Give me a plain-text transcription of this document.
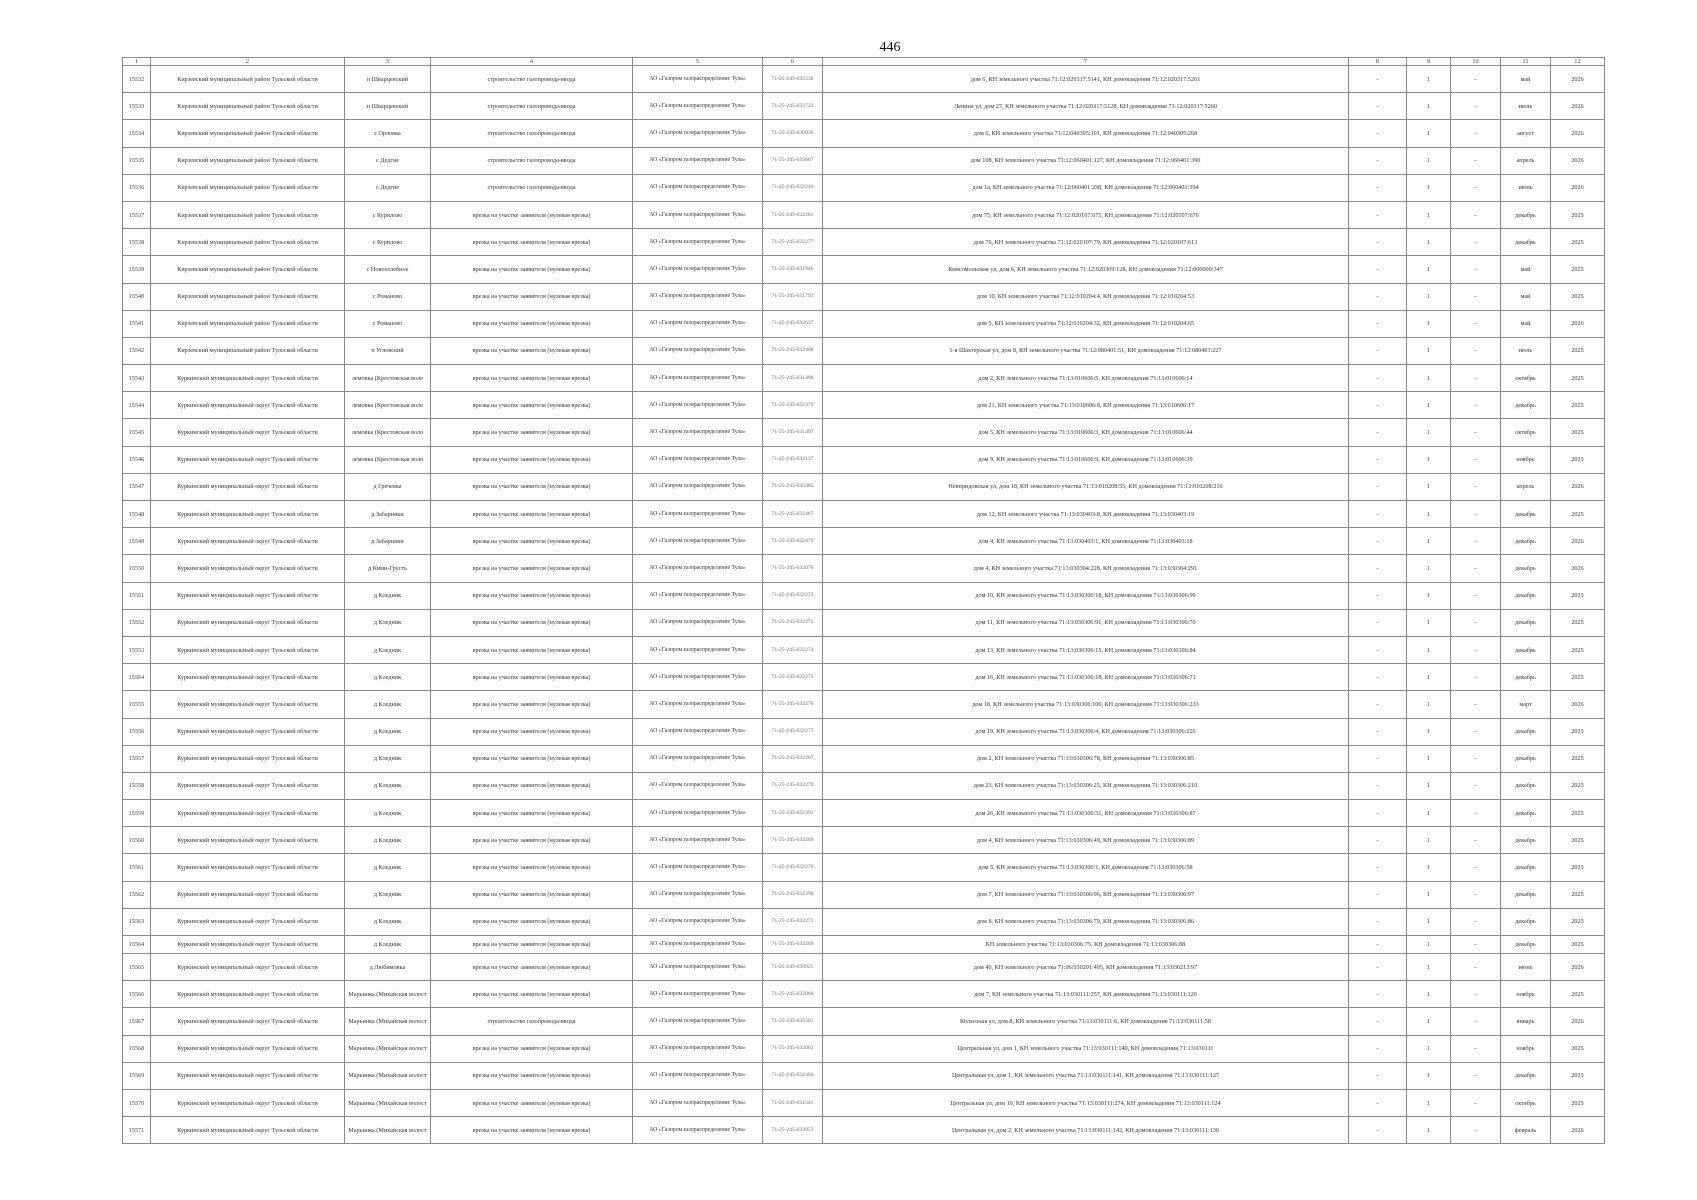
446
1	2	3	4	5	6	7	8	9	10	11	12
15532	Кирзевский муниципальный район Тульской области	п Шварцевский	строительство газопровода-ввода	АО «Газпром газораспределение Тула»	71-25-245-035536	дом 6, КН земельного участка 71:12:020317:5141, КН домовладения 71:12:020317:5261	-	1	-	май	2026
15533	Кирзевский муниципальный район Тульской области	п Шварцевский	строительство газопровода-ввода	АО «Газпром газораспределение Тула»	71-25-245-032733	Ленина ул, дом 27, КН земельного участка 71:12:020317:5128, КН домовладения 71:12:020317:5260	-	1	-	июль	2026
15534	Кирзевский муниципальный район Тульской области	с Орловка	строительство газопровода-ввода	АО «Газпром газораспределение Тула»	71-25-245-036036	дом 6, КН земельного участка 71:12:040305:101, КН домовладения 71:12:040305:268	-	1	-	август	2026
15535	Кирзевский муниципальный район Тульской области	с Дедгие	строительство газопровода-ввода	АО «Газпром газораспределение Тула»	71-25-245-035667	дом 108, КН земельного участка 71:12:060401:127, КН домовладения 71:12:060401:390	-	1	-	апрель	2026
15536	Кирзевский муниципальный район Тульской области	с Дедгие	строительство газопровода-ввода	АО «Газпром газораспределение Тула»	71-25-245-032216	дом 1а, КН земельного участка 71:12:060401:238, КН домовладения 71:12:060401:394	-	1	-	июнь	2026
15537	Кирзевский муниципальный район Тульской области	с Курилово	врезка на участке заявителя (нулевая врезка)	АО «Газпром газораспределение Тула»	71-25-245-032281	дом 75, КН земельного участка 71:12:020107:675, КН домовладения 71:12:020107:676	-	1	-	декабрь	2025
15538	Кирзевский муниципальный район Тульской области	с Курилово	врезка на участке заявителя (нулевая врезка)	АО «Газпром газораспределение Тула»	71-25-245-032277	дом 76, КН земельного участка 71:12:020107:79, КН домовладения 71:12:020107:613	-	1	-	декабрь	2025
15539	Кирзевский муниципальный район Тульской области	с Новоселебное	врезка на участке заявителя (нулевая врезка)	АО «Газпром газораспределение Тула»	71-25-245-031946	Комсомольская ул, дом 6, КН земельного участка 71:12:020309:128, КН домовладения 71:12:000000:347	-	1	-	май	2025
15540	Кирзевский муниципальный район Тульской области	с Романово	врезка на участке заявителя (нулевая врезка)	АО «Газпром газораспределение Тула»	71-25-245-031793	дом 10, КН земельного участка 71:12:010204:4, КН домовладения 71:12:010204:53	-	1	-	май	2025
15541	Кирзевский муниципальный район Тульской области	с Романово	врезка на участке заявителя (нулевая врезка)	АО «Газпром газораспределение Тула»	71-25-245-032637	дом 5, КН земельного участка 71:12:010204:32, КН домовладения 71:12:010204:65	-	1	-	май	2026
15542	Кирзевский муниципальный район Тульской области	п Угловский	врезка на участке заявителя (нулевая врезка)	АО «Газпром газораспределение Тула»	71-25-245-032408	1-я Шахтерская ул, дом 8, КН земельного участка 71:12:080401:51, КН домовладения 71:12:080401:227	-	1	-	июль	2025
15543	Куркинский муниципальный округ Тульской области	лемовка (Крестовская воло	врезка на участке заявителя (нулевая врезка)	АО «Газпром газораспределение Тула»	71-25-245-031496	дом 2, КН земельного участка 71:13:010606:5, КН домовладения 71:13:010606:14	-	1	-	октябрь	2025
15544	Куркинский муниципальный округ Тульской области	лемовка (Крестовская воло	врезка на участке заявителя (нулевая врезка)	АО «Газпром газораспределение Тула»	71-25-245-032379	дом 21, КН земельного участка 71:13:010606:8, КН домовладения 71:13:010606:17	-	1	-	декабрь	2025
15545	Куркинский муниципальный округ Тульской области	лемовка (Крестовская воло	врезка на участке заявителя (нулевая врезка)	АО «Газпром газораспределение Тула»	71-25-245-031497	дом 5, КН земельного участка 71:13:010606:3, КН домовладения 71:13:010606:44	-	1	-	октябрь	2025
15546	Куркинский муниципальный округ Тульской области	лемовка (Крестовская воло	врезка на участке заявителя (нулевая врезка)	АО «Газпром газораспределение Тула»	71-25-245-032137	дом 9, КН земельного участка 71:13:010606:9, КН домовладения 71:13:010606:39	-	1	-	ноябрь	2025
15547	Куркинский муниципальный округ Тульской области	д Гречевка	врезка на участке заявителя (нулевая врезка)	АО «Газпром газораспределение Тула»	71-25-245-035405	Невпридовская ул, дом 18, КН земельного участка 71:13:010208:55, КН домовладения 71:13:010208:210	-	1	-	апрель	2026
15548	Куркинский муниципальный округ Тульской области	д Забарники	врезка на участке заявителя (нулевая врезка)	АО «Газпром газораспределение Тула»	71-25-245-032467	дом 12, КН земельного участка 71:13:030403:8, КН домовладения 71:13:030403:19	-	1	-	декабрь	2025
15549	Куркинский муниципальный округ Тульской области	д Забарники	врезка на участке заявителя (нулевая врезка)	АО «Газпром газораспределение Тула»	71-25-245-032479	дом 4, КН земельного участка 71:13:030403:1, КН домовладения 71:13:030403:18	-	1	-	декабрь	2026
15550	Куркинский муниципальный округ Тульской области	д Кими-Грусть	врезка на участке заявителя (нулевая врезка)	АО «Газпром газораспределение Тула»	71-25-245-032076	дом 4, КН земельного участка 71:13:030304:228, КН домовладения 71:13:030304:291	-	1	-	декабрь	2026
15551	Куркинский муниципальный округ Тульской области	д Кледник	врезка на участке заявителя (нулевая врезка)	АО «Газпром газораспределение Тула»	71-25-245-032272	дом 10, КН земельного участка 71:13:030306:18, КН домовладения 71:13:030306:99	-	1	-	декабрь	2025
15552	Куркинский муниципальный округ Тульской области	д Кледник	врезка на участке заявителя (нулевая врезка)	АО «Газпром газораспределение Тула»	71-25-245-032271	дом 11, КН земельного участка 71:13:030306:91, КН домовладения 71:13:030306:70	-	1	-	декабрь	2025
15553	Куркинский муниципальный округ Тульской области	д Кледник	врезка на участке заявителя (нулевая врезка)	АО «Газпром газораспределение Тула»	71-25-245-032274	дом 13, КН земельного участка 71:13:030306:15, КН домовладения 71:13:030306:84	-	1	-	декабрь	2025
15554	Куркинский муниципальный округ Тульской области	д Кледник	врезка на участке заявителя (нулевая врезка)	АО «Газпром газораспределение Тула»	71-25-245-032275	дом 16, КН земельного участка 71:13:030306:18, КН домовладения 71:13:030306:71	-	1	-	декабрь	2025
15555	Куркинский муниципальный округ Тульской области	д Кледник	врезка на участке заявителя (нулевая врезка)	АО «Газпром газораспределение Тула»	71-25-245-032276	дом 18, КН земельного участка 71:13:030306:100, КН домовладения 71:13:030306:233	-	1	-	март	2026
15556	Куркинский муниципальный округ Тульской области	д Кледник	врезка на участке заявителя (нулевая врезка)	АО «Газпром газораспределение Тула»	71-25-245-032277	дом 19, КН земельного участка 71:13:030306:4, КН домовладения 71:13:030306:226	-	1	-	декабрь	2025
15557	Куркинский муниципальный округ Тульской области	д Кледник	врезка на участке заявителя (нулевая врезка)	АО «Газпром газораспределение Тула»	71-25-245-032267	дом 2, КН земельного участка 71:13:030306:78, КН домовладения 71:13:030306:85	-	1	-	декабрь	2025
15558	Куркинский муниципальный округ Тульской области	д Кледник	врезка на участке заявителя (нулевая врезка)	АО «Газпром газораспределение Тула»	71-25-245-032279	дом 23, КН земельного участка 71:13:030306:25, КН домовладения 71:13:030306:210	-	1	-	декабрь	2025
15559	Куркинский муниципальный округ Тульской области	д Кледник	врезка на участке заявителя (нулевая врезка)	АО «Газпром газораспределение Тула»	71-25-245-032391	дом 26, КН земельного участка 71:13:030306:31, КН домовладения 71:13:030306:87	-	1	-	декабрь	2025
15560	Куркинский муниципальный округ Тульской области	д Кледник	врезка на участке заявителя (нулевая врезка)	АО «Газпром газораспределение Тула»	71-25-245-032269	дом 4, КН земельного участка 71:13:030306:49, КН домовладения 71:13:030306:89	-	1	-	декабрь	2025
15561	Куркинский муниципальный округ Тульской области	д Кледник	врезка на участке заявителя (нулевая врезка)	АО «Газпром газораспределение Тула»	71-25-245-032270	дом 5, КН земельного участка 71:13:030306:1, КН домовладения 71:13:030306:58	-	1	-	декабрь	2025
15562	Куркинский муниципальный округ Тульской области	д Кледник	врезка на участке заявителя (нулевая врезка)	АО «Газпром газораспределение Тула»	71-25-245-032390	дом 7, КН земельного участка 71:13:030306:96, КН домовладения 71:13:030306:97	-	1	-	декабрь	2025
15563	Куркинский муниципальный округ Тульской области	д Кледник	врезка на участке заявителя (нулевая врезка)	АО «Газпром газораспределение Тула»	71-25-245-032271	дом 8, КН земельного участка 71:13:030306:79, КН домовладения 71:13:030306:86	-	1	-	декабрь	2025
15564	Куркинский муниципальный округ Тульской области	д Кледник	врезка на участке заявителя (нулевая врезка)	АО «Газпром газораспределение Тула»	71-25-245-032269	КН земельного участка 71:13:030306:75, КН домовладения 71:13:030306:88	-	1	-	декабрь	2025
15565	Куркинский муниципальный округ Тульской области	д Любимовка	врезка на участке заявителя (нулевая врезка)	АО «Газпром газораспределение Тула»	71-25-245-035925	дом 40, КН земельного участка 71:06:030201:405, КН домовладения 71:13:030213:97	-	1	-	июнь	2026
15566	Куркинский муниципальный округ Тульской области	Марьинка (Михайская волост	врезка на участке заявителя (нулевая врезка)	АО «Газпром газораспределение Тула»	71-25-245-032060	дом 7, КН земельного участка 71:13:030111:257, КН домовладения 71:13:030111:120	-	1	-	ноябрь	2025
15567	Куркинский муниципальный округ Тульской области	Марьинка (Михайская волост	строительство газопровода-ввода	АО «Газпром газораспределение Тула»	71-25-245-035501	Колхозная ул, дом 8, КН земельного участка 71:13:030111:6, КН домовладения 71:13:030111:58	-	1	-	январь	2026
15568	Куркинский муниципальный округ Тульской области	Марьинка (Михайская волост	врезка на участке заявителя (нулевая врезка)	АО «Газпром газораспределение Тула»	71-25-245-032063	Центральная ул, дом 1, КН земельного участка 71:13:030111:140, КН домовладения 71:13:030111	-	1	-	ноябрь	2025
15569	Куркинский муниципальный округ Тульской области	Марьинка (Михайская волост	врезка на участке заявителя (нулевая врезка)	АО «Газпром газораспределение Тула»	71-25-245-032464	Центральная ул, дом 1, КН земельного участка 71:13:030111:141, КН домовладения 71:13:030111:127	-	1	-	декабрь	2025
15570	Куркинский муниципальный округ Тульской области	Марьинка (Михайская волост	врезка на участке заявителя (нулевая врезка)	АО «Газпром газораспределение Тула»	71-25-245-031541	Центральная ул, дом 10, КН земельного участка 71:13:030111:274, КН домовладения 71:13:030111:124	-	1	-	октябрь	2025
15571	Куркинский муниципальный округ Тульской области	Марьинка (Михайская волост	врезка на участке заявителя (нулевая врезка)	АО «Газпром газораспределение Тула»	71-25-245-033953	Центральная ул, дом 2, КН земельного участка 71:13:030111:142, КН домовладения 71:13:030111:130	-	1	-	февраль	2026
